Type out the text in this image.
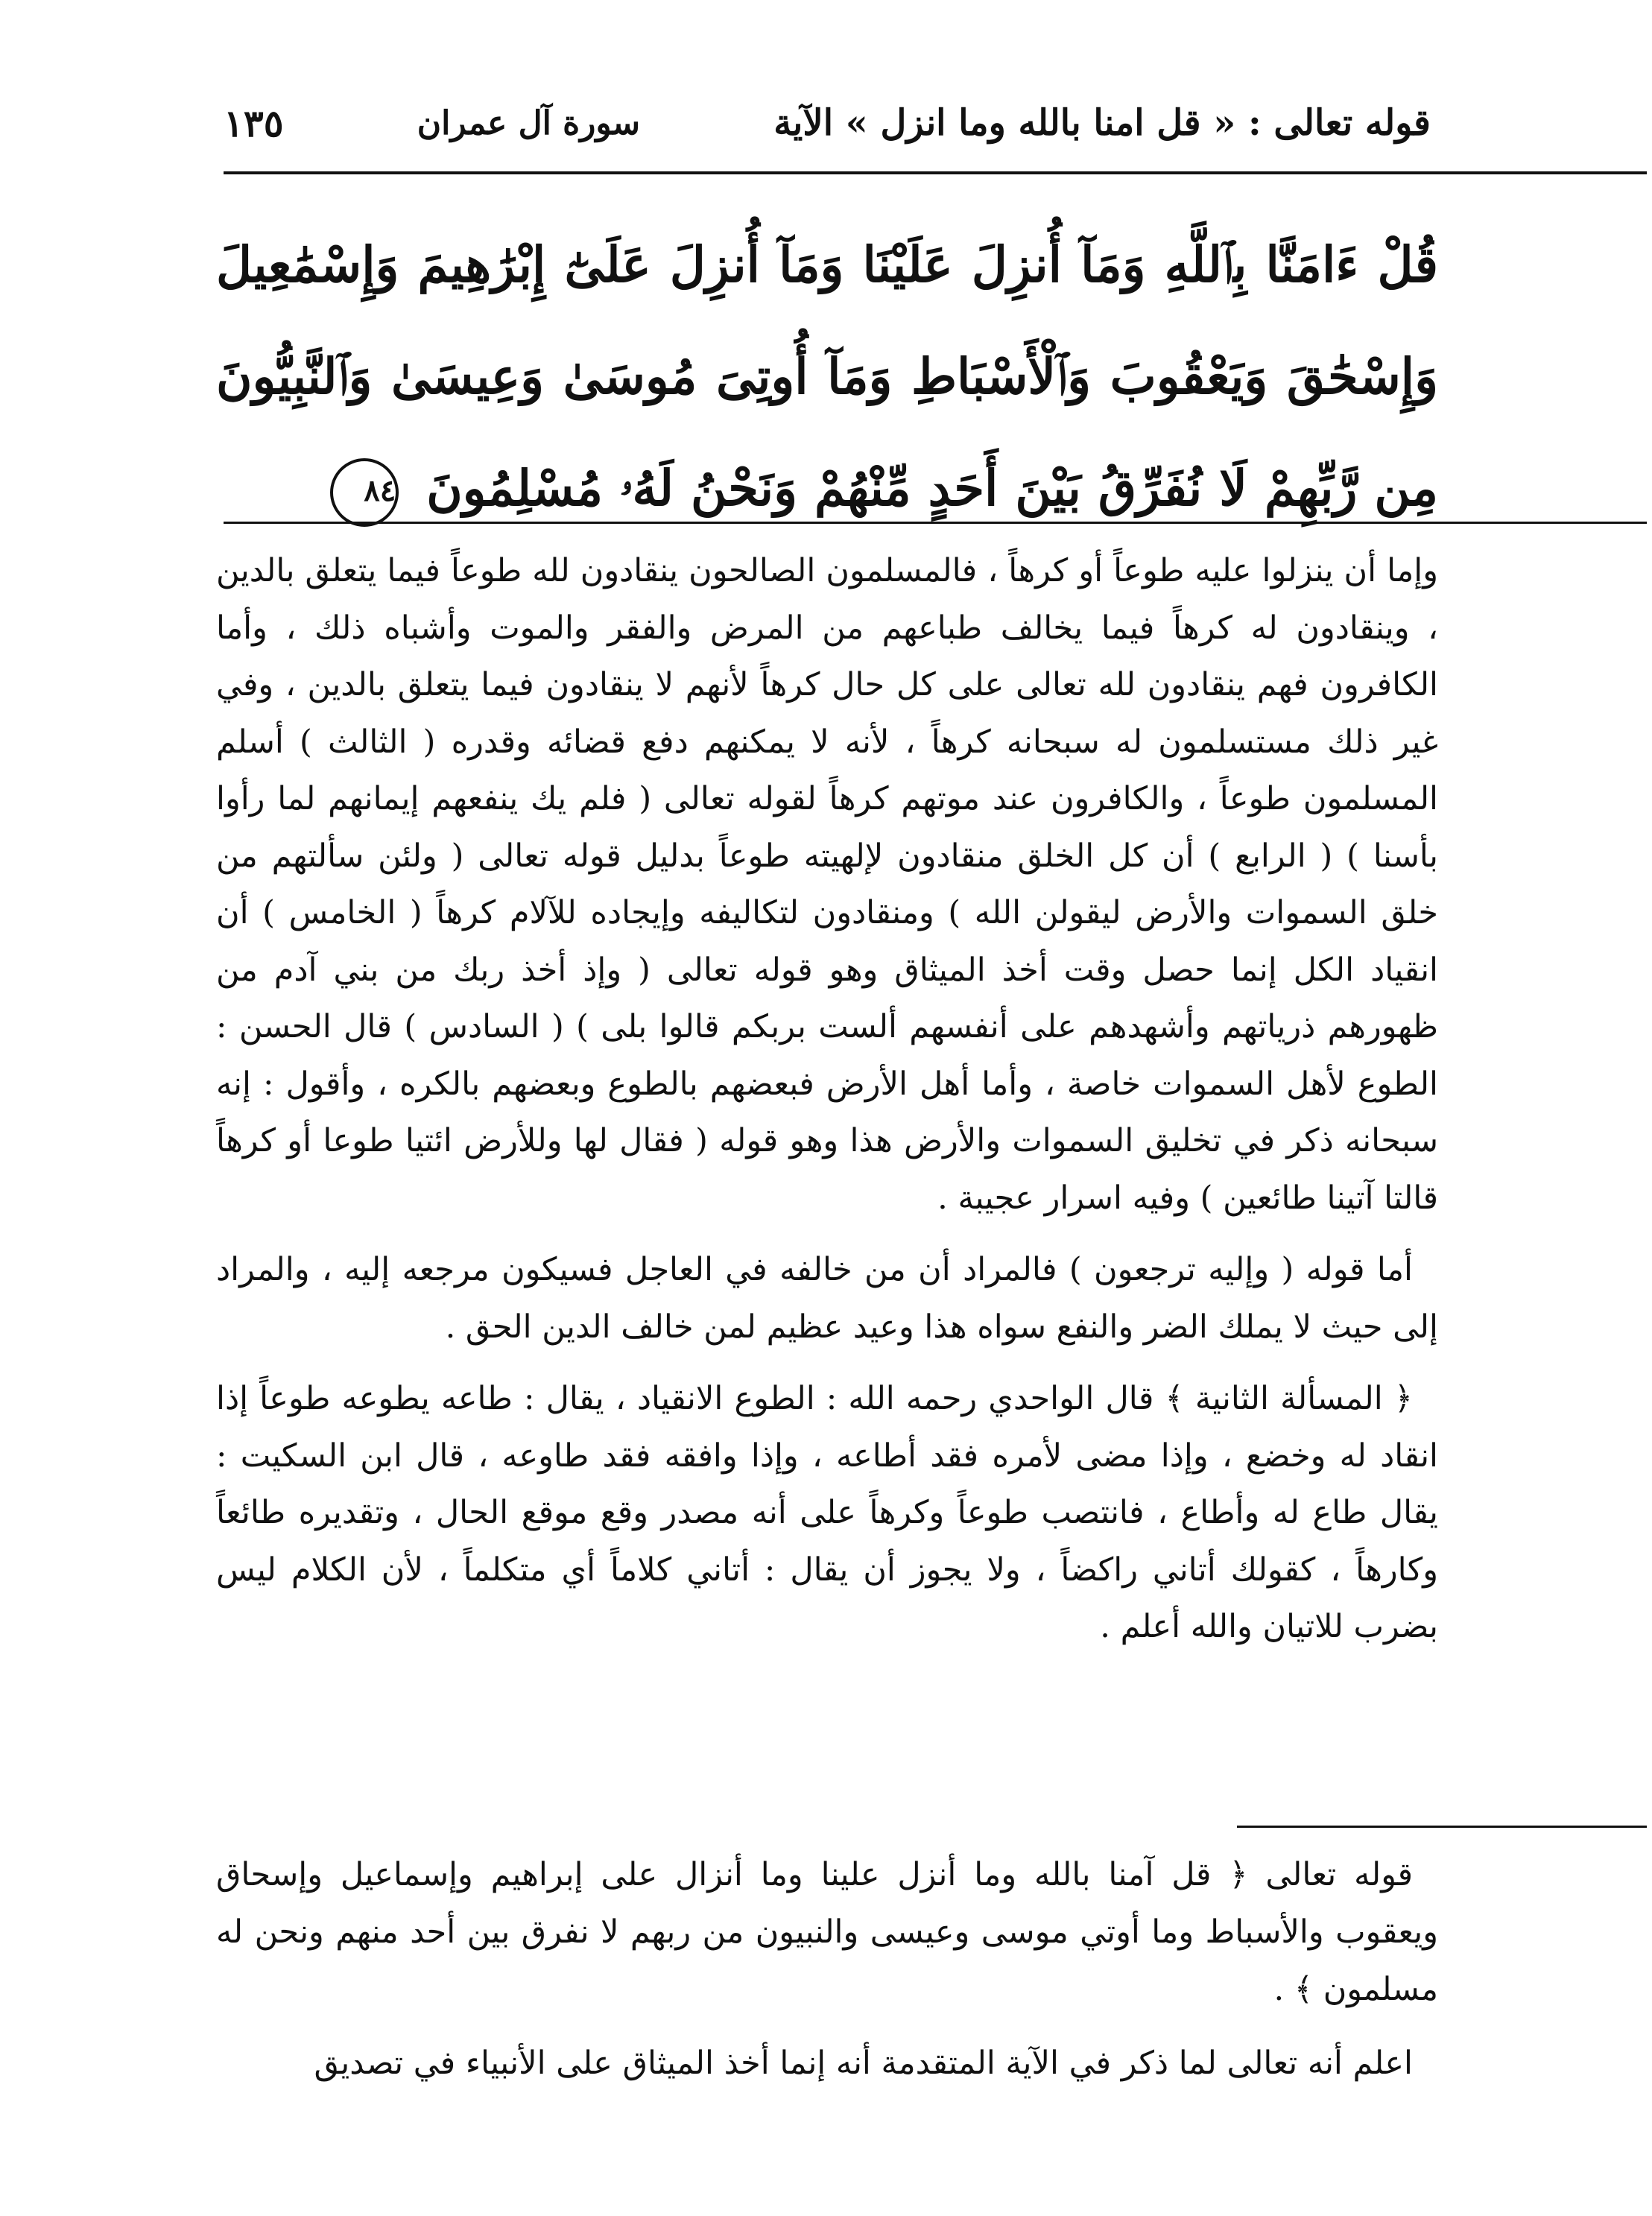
قوله تعالى : « قل امنا بالله وما انزل » الآية
سورة آل عمران
١٣٥
قُلْ ءَامَنَّا بِٱللَّهِ وَمَآ أُنزِلَ عَلَيْنَا وَمَآ أُنزِلَ عَلَىٰٓ إِبْرَٰهِيمَ وَإِسْمَٰعِيلَ وَإِسْحَٰقَ وَيَعْقُوبَ وَٱلْأَسْبَاطِ وَمَآ أُوتِىَ مُوسَىٰ وَعِيسَىٰ وَٱلنَّبِيُّونَ مِن رَّبِّهِمْ لَا نُفَرِّقُ بَيْنَ أَحَدٍ مِّنْهُمْ وَنَحْنُ لَهُۥ مُسْلِمُونَ ٨٤

وإما أن ينزلوا عليه طوعاً أو كرهاً ، فالمسلمون الصالحون ينقادون لله طوعاً فيما يتعلق بالدين ، وينقادون له كرهاً فيما يخالف طباعهم من المرض والفقر والموت وأشباه ذلك ، وأما الكافرون فهم ينقادون لله تعالى على كل حال كرهاً لأنهم لا ينقادون فيما يتعلق بالدين ، وفي غير ذلك مستسلمون له سبحانه كرهاً ، لأنه لا يمكنهم دفع قضائه وقدره ( الثالث ) أسلم المسلمون طوعاً ، والكافرون عند موتهم كرهاً لقوله تعالى ( فلم يك ينفعهم إيمانهم لما رأوا بأسنا ) ( الرابع ) أن كل الخلق منقادون لإلهيته طوعاً بدليل قوله تعالى ( ولئن سألتهم من خلق السموات والأرض ليقولن الله ) ومنقادون لتكاليفه وإيجاده للآلام كرهاً ( الخامس ) أن انقياد الكل إنما حصل وقت أخذ الميثاق وهو قوله تعالى ( وإذ أخذ ربك من بني آدم من ظهورهم ذرياتهم وأشهدهم على أنفسهم ألست بربكم قالوا بلى ) ( السادس ) قال الحسن : الطوع لأهل السموات خاصة ، وأما أهل الأرض فبعضهم بالطوع وبعضهم بالكره ، وأقول : إنه سبحانه ذكر في تخليق السموات والأرض هذا وهو قوله ( فقال لها وللأرض ائتيا طوعا أو كرهاً قالتا آتينا طائعين ) وفيه اسرار عجيبة .

أما قوله ( وإليه ترجعون ) فالمراد أن من خالفه في العاجل فسيكون مرجعه إليه ، والمراد إلى حيث لا يملك الضر والنفع سواه هذا وعيد عظيم لمن خالف الدين الحق .

﴿ المسألة الثانية ﴾ قال الواحدي رحمه الله : الطوع الانقياد ، يقال : طاعه يطوعه طوعاً إذا انقاد له وخضع ، وإذا مضى لأمره فقد أطاعه ، وإذا وافقه فقد طاوعه ، قال ابن السكيت : يقال طاع له وأطاع ، فانتصب طوعاً وكرهاً على أنه مصدر وقع موقع الحال ، وتقديره طائعاً وكارهاً ، كقولك أتاني راكضاً ، ولا يجوز أن يقال : أتاني كلاماً أي متكلماً ، لأن الكلام ليس بضرب للاتيان والله أعلم .

قوله تعالى ﴿ قل آمنا بالله وما أنزل علينا وما أنزال على إبراهيم وإسماعيل وإسحاق ويعقوب والأسباط وما أوتي موسى وعيسى والنبيون من ربهم لا نفرق بين أحد منهم ونحن له مسلمون ﴾ .

اعلم أنه تعالى لما ذكر في الآية المتقدمة أنه إنما أخذ الميثاق على الأنبياء في تصديق
